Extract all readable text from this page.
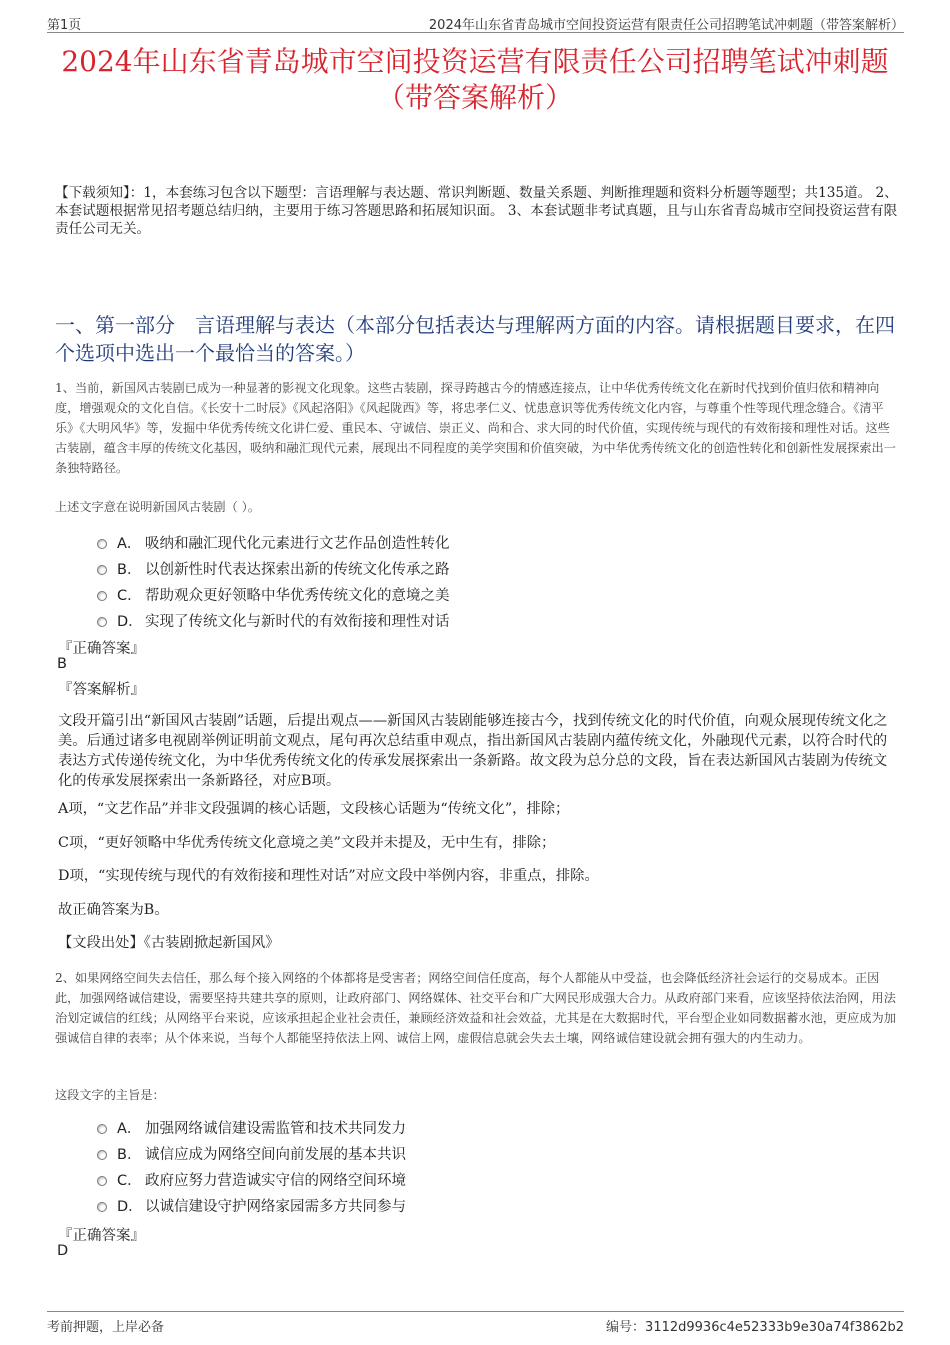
第1页	2024年山东省青岛城市空间投资运营有限责任公司招聘笔试冲刺题（带答案解析）
2024年山东省青岛城市空间投资运营有限责任公司招聘笔试冲刺题（带答案解析）
【下载须知】：1，本套练习包含以下题型：言语理解与表达题、常识判断题、数量关系题、判断推理题和资料分析题等题型；共135道。 2、本套试题根据常见招考题总结归纳，主要用于练习答题思路和拓展知识面。 3、本套试题非考试真题，且与山东省青岛城市空间投资运营有限责任公司无关。
一、第一部分　言语理解与表达（本部分包括表达与理解两方面的内容。请根据题目要求，在四个选项中选出一个最恰当的答案。）
1、当前，新国风古装剧已成为一种显著的影视文化现象。这些古装剧，探寻跨越古今的情感连接点，让中华优秀传统文化在新时代找到价值归依和精神向度，增强观众的文化自信。《长安十二时辰》《风起洛阳》《风起陇西》等，将忠孝仁义、忧患意识等优秀传统文化内容，与尊重个性等现代理念缝合。《清平乐》《大明风华》等，发掘中华优秀传统文化讲仁爱、重民本、守诚信、崇正义、尚和合、求大同的时代价值，实现传统与现代的有效衔接和理性对话。这些古装剧，蕴含丰厚的传统文化基因，吸纳和融汇现代元素，展现出不同程度的美学突围和价值突破，为中华优秀传统文化的创造性转化和创新性发展探索出一条独特路径。
上述文字意在说明新国风古装剧（ ）。
A． 吸纳和融汇现代化元素进行文艺作品创造性转化
B． 以创新性时代表达探索出新的传统文化传承之路
C． 帮助观众更好领略中华优秀传统文化的意境之美
D． 实现了传统文化与新时代的有效衔接和理性对话
『正确答案』
B
『答案解析』
文段开篇引出“新国风古装剧”话题，后提出观点——新国风古装剧能够连接古今，找到传统文化的时代价值，向观众展现传统文化之美。后通过诸多电视剧举例证明前文观点，尾句再次总结重申观点，指出新国风古装剧内蕴传统文化，外融现代元素，以符合时代的表达方式传递传统文化，为中华优秀传统文化的传承发展探索出一条新路。故文段为总分总的文段，旨在表达新国风古装剧为传统文化的传承发展探索出一条新路径，对应B项。
A项，“文艺作品”并非文段强调的核心话题，文段核心话题为“传统文化”，排除；
C项，“更好领略中华优秀传统文化意境之美”文段并未提及，无中生有，排除；
D项，“实现传统与现代的有效衔接和理性对话”对应文段中举例内容，非重点，排除。
故正确答案为B。
【文段出处】《古装剧掀起新国风》
2、如果网络空间失去信任，那么每个接入网络的个体都将是受害者；网络空间信任度高，每个人都能从中受益，也会降低经济社会运行的交易成本。正因此，加强网络诚信建设，需要坚持共建共享的原则，让政府部门、网络媒体、社交平台和广大网民形成强大合力。从政府部门来看，应该坚持依法治网，用法治划定诚信的红线；从网络平台来说，应该承担起企业社会责任，兼顾经济效益和社会效益，尤其是在大数据时代，平台型企业如同数据蓄水池，更应成为加强诚信自律的表率；从个体来说，当每个人都能坚持依法上网、诚信上网，虚假信息就会失去土壤，网络诚信建设就会拥有强大的内生动力。
这段文字的主旨是：
A． 加强网络诚信建设需监管和技术共同发力
B． 诚信应成为网络空间向前发展的基本共识
C． 政府应努力营造诚实守信的网络空间环境
D． 以诚信建设守护网络家园需多方共同参与
『正确答案』
D
考前押题，上岸必备	编号：3112d9936c4e52333b9e30a74f3862b2
